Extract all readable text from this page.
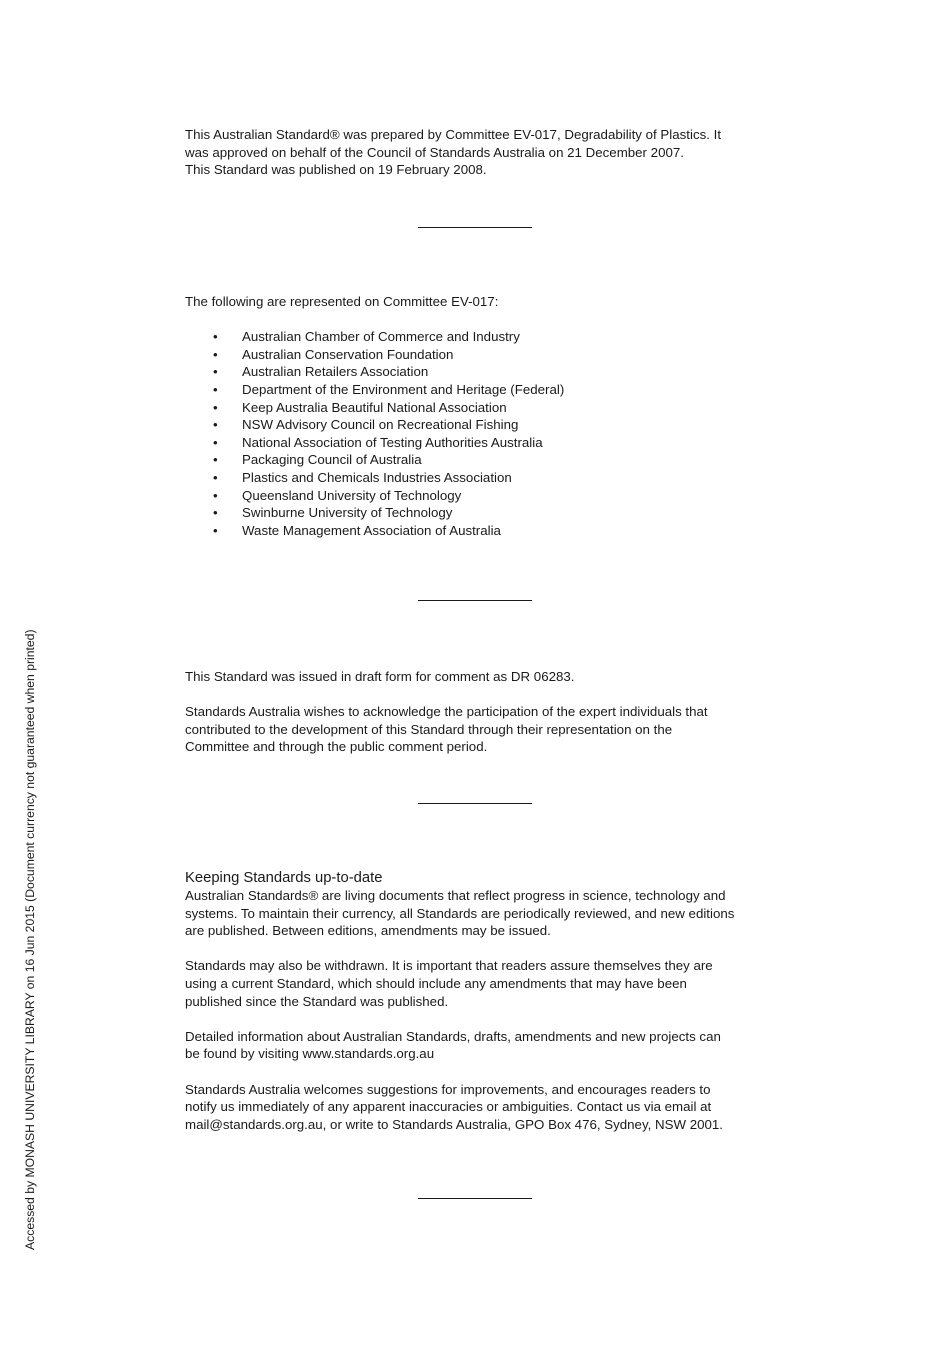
Accessed by MONASH UNIVERSITY LIBRARY on 16 Jun 2015 (Document currency not guaranteed when printed)

This Australian Standard® was prepared by Committee EV-017, Degradability of Plastics. It

was approved on behalf of the Council of Standards Australia on 21 December 2007.

This Standard was published on 19 February 2008.

The following are represented on Committee EV-017:

• Australian Chamber of Commerce and Industry
• Australian Conservation Foundation
• Australian Retailers Association
• Department of the Environment and Heritage (Federal)
• Keep Australia Beautiful National Association
• NSW Advisory Council on Recreational Fishing
• National Association of Testing Authorities Australia
• Packaging Council of Australia
• Plastics and Chemicals Industries Association
• Queensland University of Technology
• Swinburne University of Technology
• Waste Management Association of Australia

This Standard was issued in draft form for comment as DR 06283.

Standards Australia wishes to acknowledge the participation of the expert individuals that

contributed to the development of this Standard through their representation on the

Committee and through the public comment period.

Keeping Standards up-to-date

Australian Standards® are living documents that reflect progress in science, technology and

systems. To maintain their currency, all Standards are periodically reviewed, and new editions

are published. Between editions, amendments may be issued.

Standards may also be withdrawn. It is important that readers assure themselves they are

using a current Standard, which should include any amendments that may have been

published since the Standard was published.

Detailed information about Australian Standards, drafts, amendments and new projects can

be found by visiting www.standards.org.au

Standards Australia welcomes suggestions for improvements, and encourages readers to

notify us immediately of any apparent inaccuracies or ambiguities. Contact us via email at

mail@standards.org.au, or write to Standards Australia, GPO Box 476, Sydney, NSW 2001.
